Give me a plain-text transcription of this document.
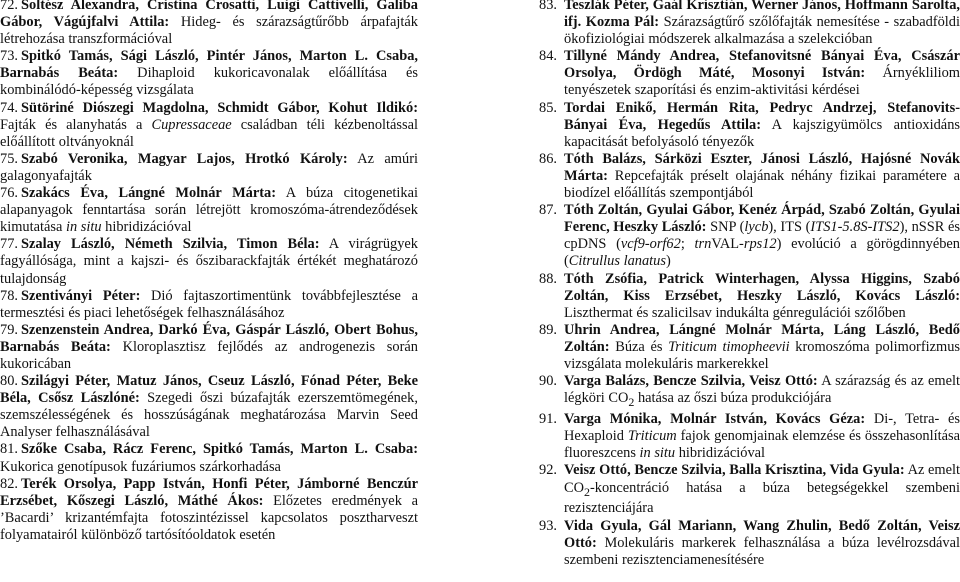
72. Soltész Alexandra, Cristina Crosatti, Luigi Cattivelli, Galiba Gábor, Vágújfalvi Attila: Hideg- és szárazságtűrőbb árpafajták létrehozása transzformációval
73. Spitkó Tamás, Sági László, Pintér János, Marton L. Csaba, Barnabás Beáta: Dihaploid kukoricavonalak előállítása és kombinálódó-képesség vizsgálata
74. Sütöriné Diószegi Magdolna, Schmidt Gábor, Kohut Ildikó: Fajták és alanyhatás a Cupressaceae családban téli kézbenoltással előállított oltványoknál
75. Szabó Veronika, Magyar Lajos, Hrotkó Károly: Az amúri galagonyafajták
76. Szakács Éva, Lángné Molnár Márta: A búza citogenetikai alapanyagok fenntartása során létrejött kromoszóma-átrendeződések kimutatása in situ hibridizációval
77. Szalay László, Németh Szilvia, Timon Béla: A virágrügyek fagyállósága, mint a kajszi- és őszibarackfajták értékét meghatározó tulajdonság
78. Szentiványi Péter: Dió fajtaszortimentünk továbbfejlesztése a termesztési és piaci lehetőségek felhasználásához
79. Szenzenstein Andrea, Darkó Éva, Gáspár László, Obert Bohus, Barnabás Beáta: Kloroplasztisz fejlődés az androgenezis során kukoricában
80. Szilágyi Péter, Matuz János, Cseuz László, Fónad Péter, Beke Béla, Csősz Lászlóné: Szegedi őszi búzafajták ezerszemtömegének, szemszélességének és hosszúságának meghatározása Marvin Seed Analyser felhasználásával
81. Szőke Csaba, Rácz Ferenc, Spitkó Tamás, Marton L. Csaba: Kukorica genotípusok fuzáriumos szárkorhadása
82. Terék Orsolya, Papp István, Honfi Péter, Jámborné Benczúr Erzsébet, Kőszegi László, Máthé Ákos: Előzetes eredmények a ’Bacardi’ krizantémfajta fotoszintézissel kapcsolatos posztharveszt folyamatairól különböző tartósítóoldatok esetén
83. Teszlák Péter, Gaál Krisztián, Werner János, Hoffmann Sarolta, ifj. Kozma Pál: Szárazságtűrő szőlőfajták nemesítése - szabadföldi ökofiziológiai módszerek alkalmazása a szelekcióban
84. Tillyné Mándy Andrea, Stefanovitsné Bányai Éva, Császár Orsolya, Ördögh Máté, Mosonyi István: Árnyékliliom tenyészetek szaporítási és enzim-aktivitási kérdései
85. Tordai Enikő, Hermán Rita, Pedryc Andrzej, Stefanovits-Bányai Éva, Hegedűs Attila: A kajszigyümölcs antioxidáns kapacitását befolyásoló tényezők
86. Tóth Balázs, Sárközi Eszter, Jánosi László, Hajósné Novák Márta: Repcefajták préselt olajának néhány fizikai paramétere a biodízel előállítás szempontjából
87. Tóth Zoltán, Gyulai Gábor, Kenéz Árpád, Szabó Zoltán, Gyulai Ferenc, Heszky László: SNP (lycb), ITS (ITS1-5.8S-ITS2), nSSR és cpDNS (vcf9-orf62; trnVAL-rps12) evolúció a görögdinnyében (Citrullus lanatus)
88. Tóth Zsófia, Patrick Winterhagen, Alyssa Higgins, Szabó Zoltán, Kiss Erzsébet, Heszky László, Kovács László: Liszthermat és szalicilsav indukálta génregulációi szőlőben
89. Uhrin Andrea, Lángné Molnár Márta, Láng László, Bedő Zoltán: Búza és Triticum timopheevii kromoszóma polimorfizmus vizsgálata molekuláris markerekkel
90. Varga Balázs, Bencze Szilvia, Veisz Ottó: A szárazság és az emelt légköri $CO_2$ hatása az őszi búza produkciójára
91. Varga Mónika, Molnár István, Kovács Géza: Di-, Tetra- és Hexaploid Triticum fajok genomjainak elemzése és összehasonlítása fluoreszcens in situ hibridizációval
92. Veisz Ottó, Bencze Szilvia, Balla Krisztina, Vida Gyula: Az emelt $CO_2$-koncentráció hatása a búza betegségekkel szembeni rezisztenciájára
93. Vida Gyula, Gál Mariann, Wang Zhulin, Bedő Zoltán, Veisz Ottó: Molekuláris markerek felhasználása a búza levélrozsdával szembeni rezisztenciamenesítésére
